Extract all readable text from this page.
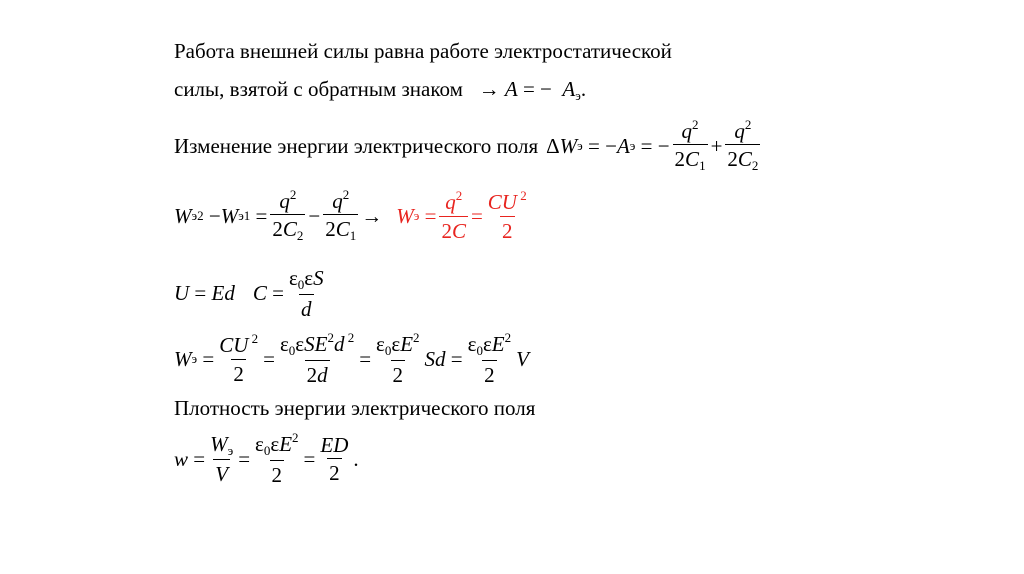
Работа внешней силы равна работе электростатической
силы, взятой с обратным знаком   → A = −  $A_э$.
Изменение энергии электрического поля Δ W э = − A э = − $\frac{q^2}{2C_1} + \frac{q^2}{2C_2}$
W э2 − W $э1 = \frac{q^2}{2C_2} - \frac{q^2}{2C_1} \to W$ $э = \frac{q^2}{2C} = \frac{CU ^2}{2}$
U = Ed $C = \frac{\varepsilon_0\varepsilon S}{d}$
W $э = \frac{CU ^2}{2} = \frac{\varepsilon_0\varepsilon SE^2d ^2}{2d} = \frac{\varepsilon_0\varepsilon E^2}{2}$ $Sd = \frac{\varepsilon_0\varepsilon E^2}{2}$ V
Плотность энергии электрического поля
$w = \frac{W_э}{V} = \frac{\varepsilon_0\varepsilon E^2}{2} = \frac{ED}{2}$ .
